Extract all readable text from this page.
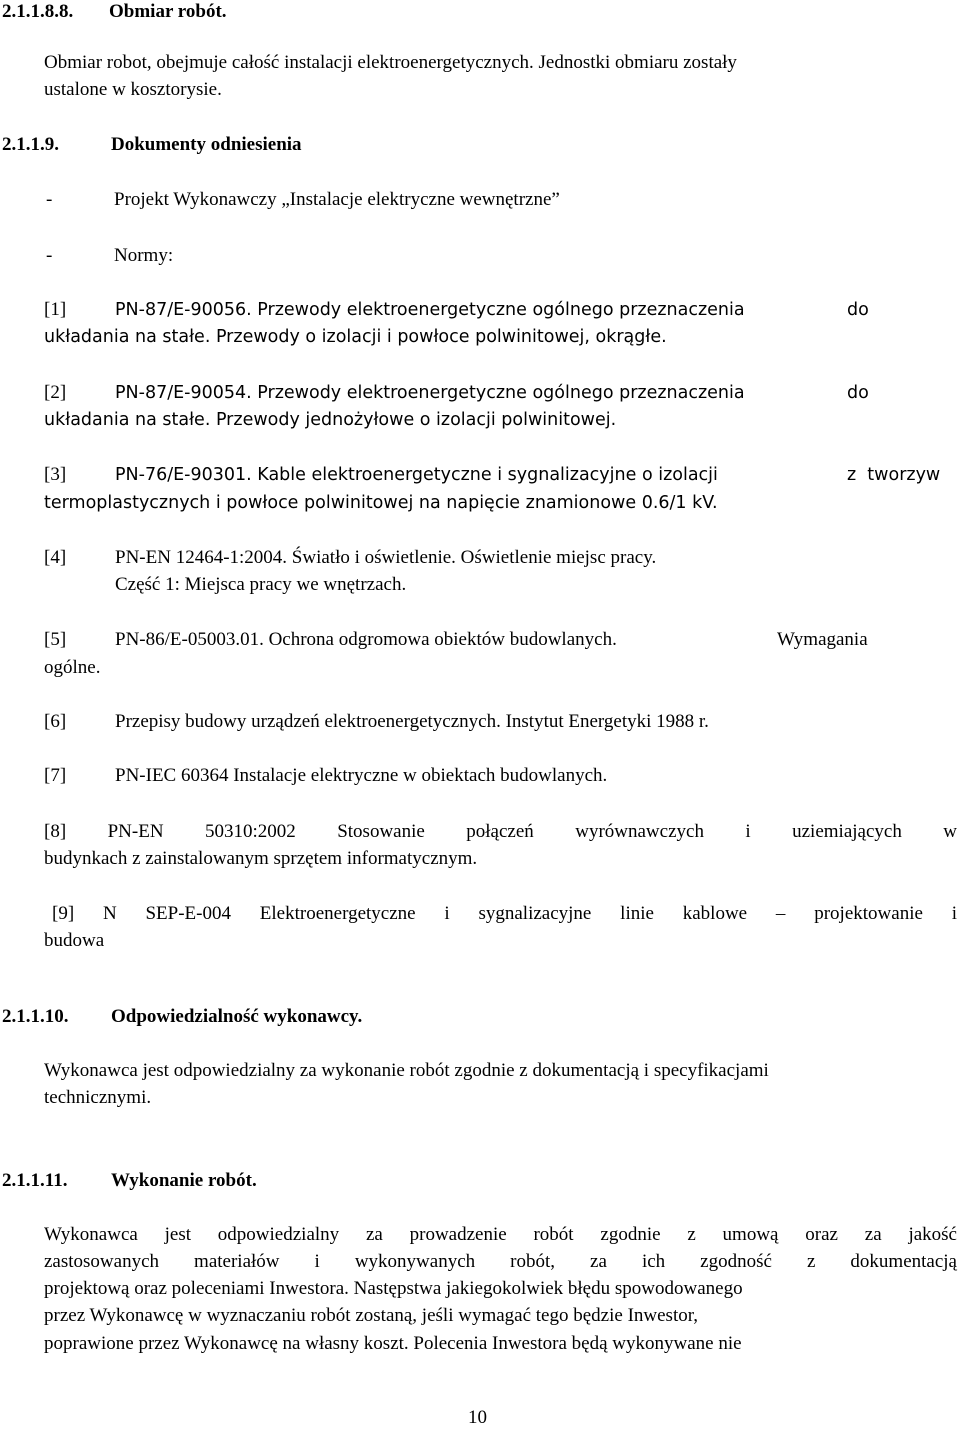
2.1.1.8.8. Obmiar robót.
Obmiar robot, obejmuje całość instalacji elektroenergetycznych. Jednostki obmiaru zostały
ustalone w kosztorysie.
2.1.1.9.	Dokumenty odniesienia
-	Projekt Wykonawczy „Instalacje elektryczne wewnętrzne”
-	Normy:
[1]	PN-87/E-90056. Przewody elektroenergetyczne ogólnego przeznaczenia	do
układania na stałe. Przewody o izolacji i powłoce polwinitowej, okrągłe.
[2]	PN-87/E-90054. Przewody elektroenergetyczne ogólnego przeznaczenia	do
układania na stałe. Przewody jednożyłowe o izolacji polwinitowej.
[3]	PN-76/E-90301. Kable elektroenergetyczne i sygnalizacyjne o izolacji	z  tworzyw
termoplastycznych i powłoce polwinitowej na napięcie znamionowe 0.6/1 kV.
[4]	PN-EN 12464-1:2004. Światło i oświetlenie. Oświetlenie miejsc pracy.
Część 1: Miejsca pracy we wnętrzach.
[5]	PN-86/E-05003.01. Ochrona odgromowa obiektów budowlanych.	Wymagania
ogólne.
[6]	Przepisy budowy urządzeń elektroenergetycznych. Instytut Energetyki 1988 r.
[7]	PN-IEC 60364 Instalacje elektryczne w obiektach budowlanych.
[8] PN-EN 50310:2002 Stosowanie połączeń wyrównawczych i uziemiających w
budynkach z zainstalowanym sprzętem informatycznym.
[9] N SEP-E-004 Elektroenergetyczne i sygnalizacyjne linie kablowe – projektowanie i
budowa
2.1.1.10. Odpowiedzialność wykonawcy.
Wykonawca jest odpowiedzialny za wykonanie robót zgodnie z dokumentacją i specyfikacjami
technicznymi.
2.1.1.11. Wykonanie robót.
Wykonawca jest odpowiedzialny za prowadzenie robót zgodnie z umową oraz za jakość
zastosowanych materiałów i wykonywanych robót, za ich zgodność z dokumentacją
projektową oraz poleceniami Inwestora. Następstwa jakiegokolwiek błędu spowodowanego
przez Wykonawcę w wyznaczaniu robót zostaną, jeśli wymagać tego będzie Inwestor,
poprawione przez Wykonawcę na własny koszt. Polecenia Inwestora będą wykonywane nie
10
